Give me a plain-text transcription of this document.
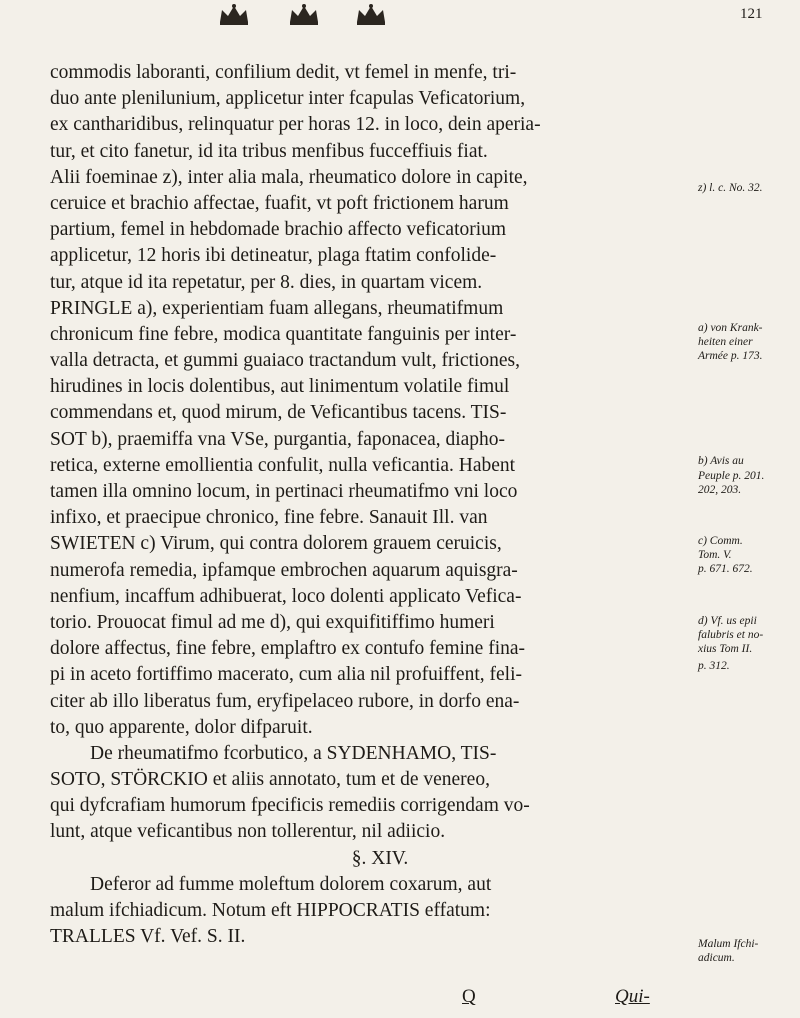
121
commodis laboranti, confilium dedit, vt femel in menfe, tri-
duo ante plenilunium, applicetur inter fcapulas Veficatorium,
ex cantharidibus, relinquatur per horas 12. in loco, dein aperia-
tur, et cito fanetur, id ita tribus menfibus fucceffiuis fiat.
Alii foeminae z), inter alia mala, rheumatico dolore in capite,
ceruice et brachio affectae, fuafit, vt poft frictionem harum
partium, femel in hebdomade brachio affecto veficatorium
applicetur, 12 horis ibi detineatur, plaga ftatim confolide-
tur, atque id ita repetatur, per 8. dies, in quartam vicem.
PRINGLE a), experientiam fuam allegans, rheumatifmum
chronicum fine febre, modica quantitate fanguinis per inter-
valla detracta, et gummi guaiaco tractandum vult, frictiones,
hirudines in locis dolentibus, aut linimentum volatile fimul
commendans et, quod mirum, de Veficantibus tacens. TIS-
SOT b), praemiffa vna VSe, purgantia, faponacea, diapho-
retica, externe emollientia confulit, nulla veficantia. Habent
tamen illa omnino locum, in pertinaci rheumatifmo vni loco
infixo, et praecipue chronico, fine febre. Sanauit Ill. van
SWIETEN c) Virum, qui contra dolorem grauem ceruicis,
numerofa remedia, ipfamque embrochen aquarum aquisgra-
nenfium, incaffum adhibuerat, loco dolenti applicato Vefica-
torio. Prouocat fimul ad me d), qui exquifitiffimo humeri
dolore affectus, fine febre, emplaftro ex contufo femine fina-
pi in aceto fortiffimo macerato, cum alia nil profuiffent, feli-
citer ab illo liberatus fum, eryfipelaceo rubore, in dorfo ena-
to, quo apparente, dolor difparuit.
De rheumatifmo fcorbutico, a SYDENHAMO, TIS-
SOTO, STÖRCKIO et aliis annotato, tum et de venereo,
qui dyfcrafiam humorum fpecificis remediis corrigendam vo-
lunt, atque veficantibus non tollerentur, nil adiicio.
§. XIV.
Deferor ad fumme moleftum dolorem coxarum, aut
malum ifchiadicum. Notum eft HIPPOCRATIS effatum:
TRALLES Vf. Vef. S. II.
z) l. c. No. 32.
a) von Krank-
heiten einer
Armée p. 173.
b) Avis au
Peuple p. 201.
202, 203.
c) Comm.
Tom. V.
p. 671. 672.
d) Vf. us epii
falubris et no-
xius Tom II.
p. 312.
Malum Ifchi-
adicum.
Q	Qui-
